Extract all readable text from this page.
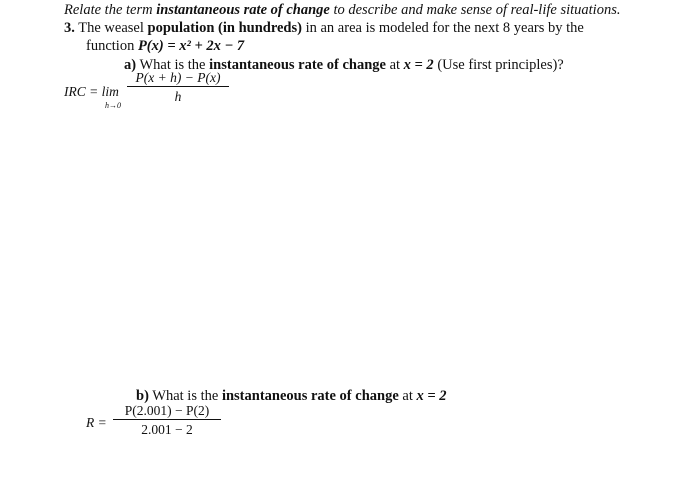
Relate the term instantaneous rate of change to describe and make sense of real-life situations.
3. The weasel population (in hundreds) in an area is modeled for the next 8 years by the
function P(x) = x² + 2x − 7
a) What is the instantaneous rate of change at x = 2 (Use first principles)?
IRC = lim
h→0
P(x + h) − P(x)
h
b) What is the instantaneous rate of change at x = 2
R =
P(2.001) − P(2)
2.001 − 2
